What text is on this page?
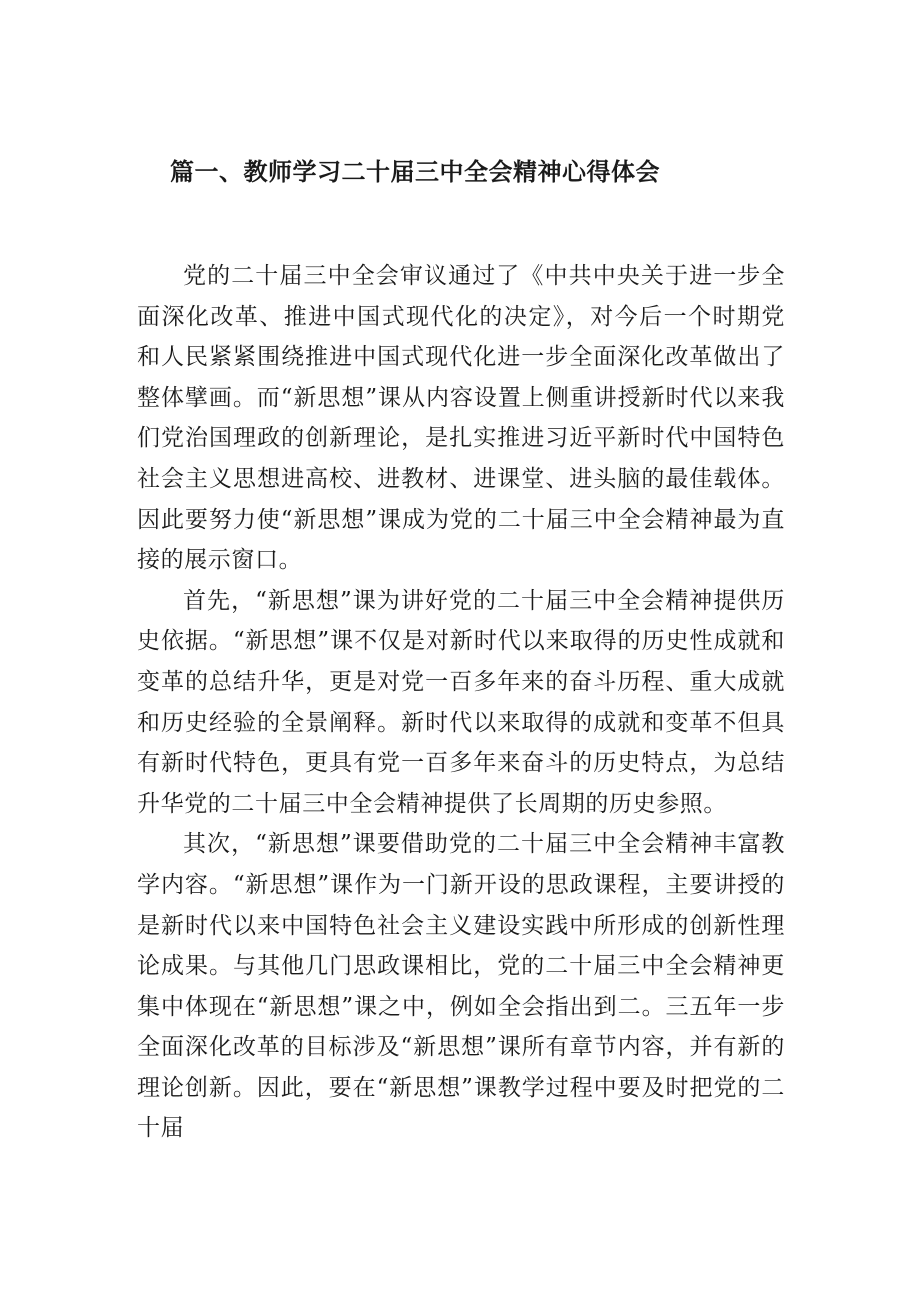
篇一、教师学习二十届三中全会精神心得体会

党的二十届三中全会审议通过了《中共中央关于进一步全面深化改革、推进中国式现代化的决定》，对今后一个时期党和人民紧紧围绕推进中国式现代化进一步全面深化改革做出了整体擘画。而“新思想”课从内容设置上侧重讲授新时代以来我们党治国理政的创新理论，是扎实推进习近平新时代中国特色社会主义思想进高校、进教材、进课堂、进头脑的最佳载体。因此要努力使“新思想”课成为党的二十届三中全会精神最为直接的展示窗口。

首先，“新思想”课为讲好党的二十届三中全会精神提供历史依据。“新思想”课不仅是对新时代以来取得的历史性成就和变革的总结升华，更是对党一百多年来的奋斗历程、重大成就和历史经验的全景阐释。新时代以来取得的成就和变革不但具有新时代特色，更具有党一百多年来奋斗的历史特点，为总结升华党的二十届三中全会精神提供了长周期的历史参照。

其次，“新思想”课要借助党的二十届三中全会精神丰富教学内容。“新思想”课作为一门新开设的思政课程，主要讲授的是新时代以来中国特色社会主义建设实践中所形成的创新性理论成果。与其他几门思政课相比，党的二十届三中全会精神更集中体现在“新思想”课之中，例如全会指出到二。三五年一步全面深化改革的目标涉及“新思想”课所有章节内容，并有新的理论创新。因此，要在“新思想”课教学过程中要及时把党的二十届
